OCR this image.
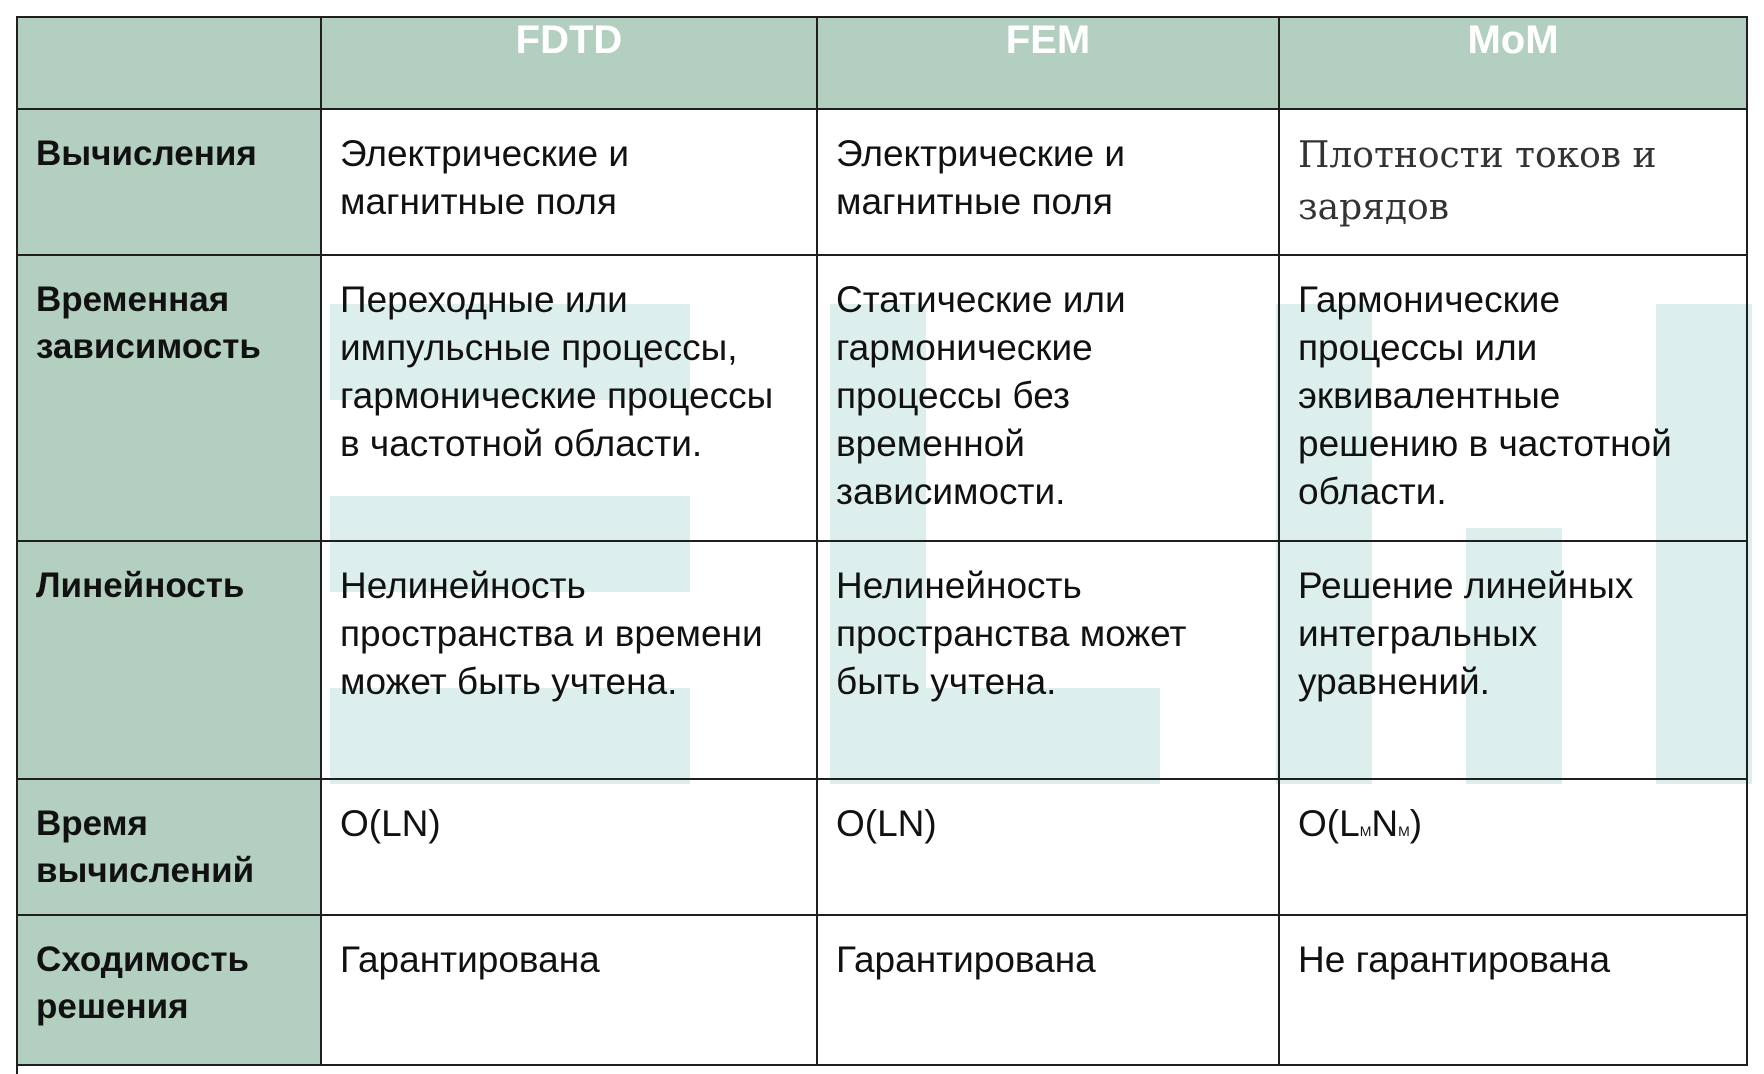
	FDTD	FEM	MoM
Вычисления	Электрические и магнитные поля	Электрические и магнитные поля	Плотности токов и зарядов
Временная зависимость	Переходные или импульсные процессы, гармонические процессы в частотной области.	Статические или гармонические процессы без временной зависимости.	Гармонические процессы или эквивалентные решению в частотной области.
Линейность	Нелинейность пространства и времени может быть учтена.	Нелинейность пространства может быть учтена.	Решение линейных интегральных уравнений.
Время вычислений	O(LN)	O(LN)	O(LMNM)
Сходимость решения	Гарантирована	Гарантирована	Не гарантирована
